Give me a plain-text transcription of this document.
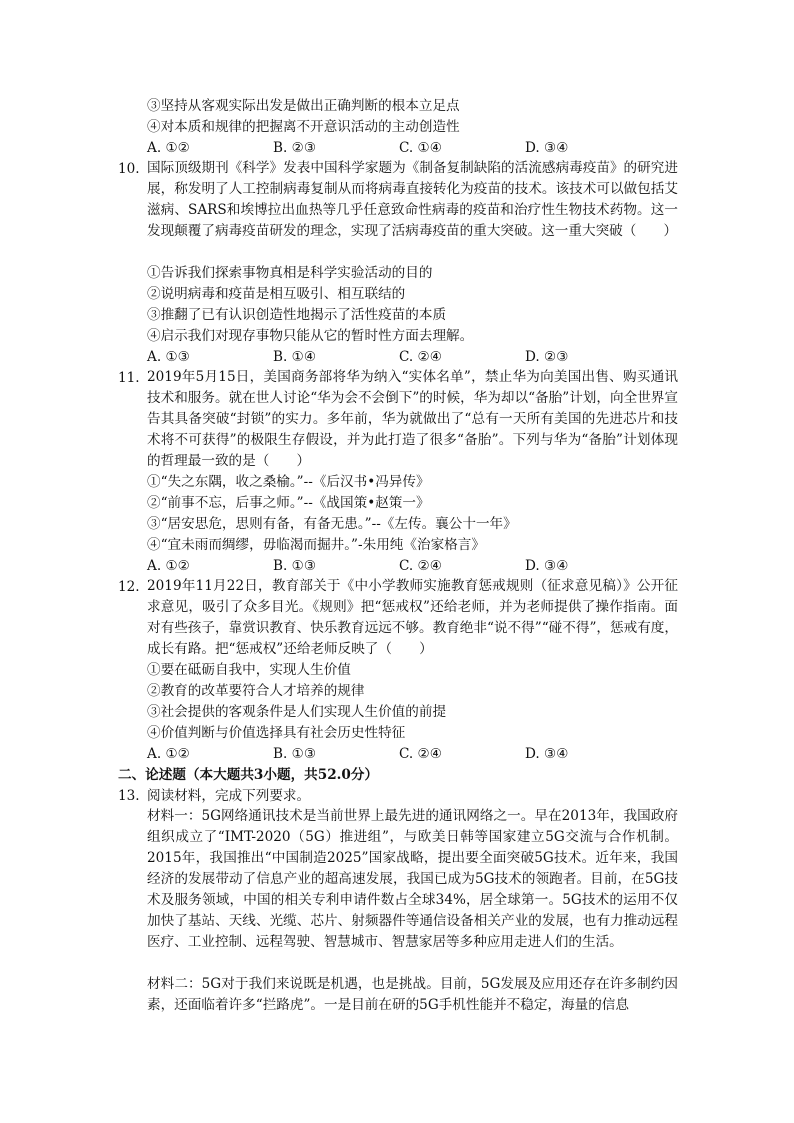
③坚持从客观实际出发是做出正确判断的根本立足点
④对本质和规律的把握离不开意识活动的主动创造性
A. ①②	B. ②③	C. ①④	D. ③④
10. 国际顶级期刊《科学》发表中国科学家题为《制备复制缺陷的活流感病毒疫苗》的研究进展，称发明了人工控制病毒复制从而将病毒直接转化为疫苗的技术。该技术可以做包括艾滋病、SARS和埃博拉出血热等几乎任意致命性病毒的疫苗和治疗性生物技术药物。这一发现颠覆了病毒疫苗研发的理念，实现了活病毒疫苗的重大突破。这一重大突破（　　）
①告诉我们探索事物真相是科学实验活动的目的
②说明病毒和疫苗是相互吸引、相互联结的
③推翻了已有认识创造性地揭示了活性疫苗的本质
④启示我们对现存事物只能从它的暂时性方面去理解。
A. ①③	B. ①④	C. ②④	D. ②③
11. 2019年5月15日，美国商务部将华为纳入“实体名单”，禁止华为向美国出售、购买通讯技术和服务。就在世人讨论“华为会不会倒下”的时候，华为却以“备胎”计划，向全世界宣告其具备突破“封锁”的实力。多年前，华为就做出了“总有一天所有美国的先进芯片和技术将不可获得”的极限生存假设，并为此打造了很多“备胎”。下列与华为“备胎”计划体现的哲理最一致的是（　　）
①“失之东隅，收之桑榆。”--《后汉书•冯异传》
②“前事不忘，后事之师。”--《战国策•赵策一》
③“居安思危，思则有备，有备无患。”--《左传。襄公十一年》
④“宜未雨而绸缪，毋临渴而掘井。”-朱用纯《治家格言》
A. ①②	B. ①③	C. ②④	D. ③④
12. 2019年11月22日，教育部关于《中小学教师实施教育惩戒规则（征求意见稿）》公开征求意见，吸引了众多目光。《规则》把“惩戒权”还给老师，并为老师提供了操作指南。面对有些孩子，靠赏识教育、快乐教育远远不够。教育绝非“说不得”“碰不得”，惩戒有度，成长有路。把“惩戒权”还给老师反映了（　　）
①要在砥砺自我中，实现人生价值
②教育的改革要符合人才培养的规律
③社会提供的客观条件是人们实现人生价值的前提
④价值判断与价值选择具有社会历史性特征
A. ①②	B. ①③	C. ②④	D. ③④
二、论述题（本大题共3小题，共52.0分）
13. 阅读材料，完成下列要求。
材料一：5G网络通讯技术是当前世界上最先进的通讯网络之一。早在2013年，我国政府组织成立了“IMT-2020（5G）推进组”，与欧美日韩等国家建立5G交流与合作机制。2015年，我国推出“中国制造2025”国家战略，提出要全面突破5G技术。近年来，我国经济的发展带动了信息产业的超高速发展，我国已成为5G技术的领跑者。目前，在5G技术及服务领域，中国的相关专利申请件数占全球34%，居全球第一。5G技术的运用不仅加快了基站、天线、光缆、芯片、射频器件等通信设备相关产业的发展，也有力推动远程医疗、工业控制、远程驾驶、智慧城市、智慧家居等多种应用走进人们的生活。
材料二：5G对于我们来说既是机遇，也是挑战。目前，5G发展及应用还存在许多制约因素，还面临着许多“拦路虎”。一是目前在研的5G手机性能并不稳定，海量的信息
